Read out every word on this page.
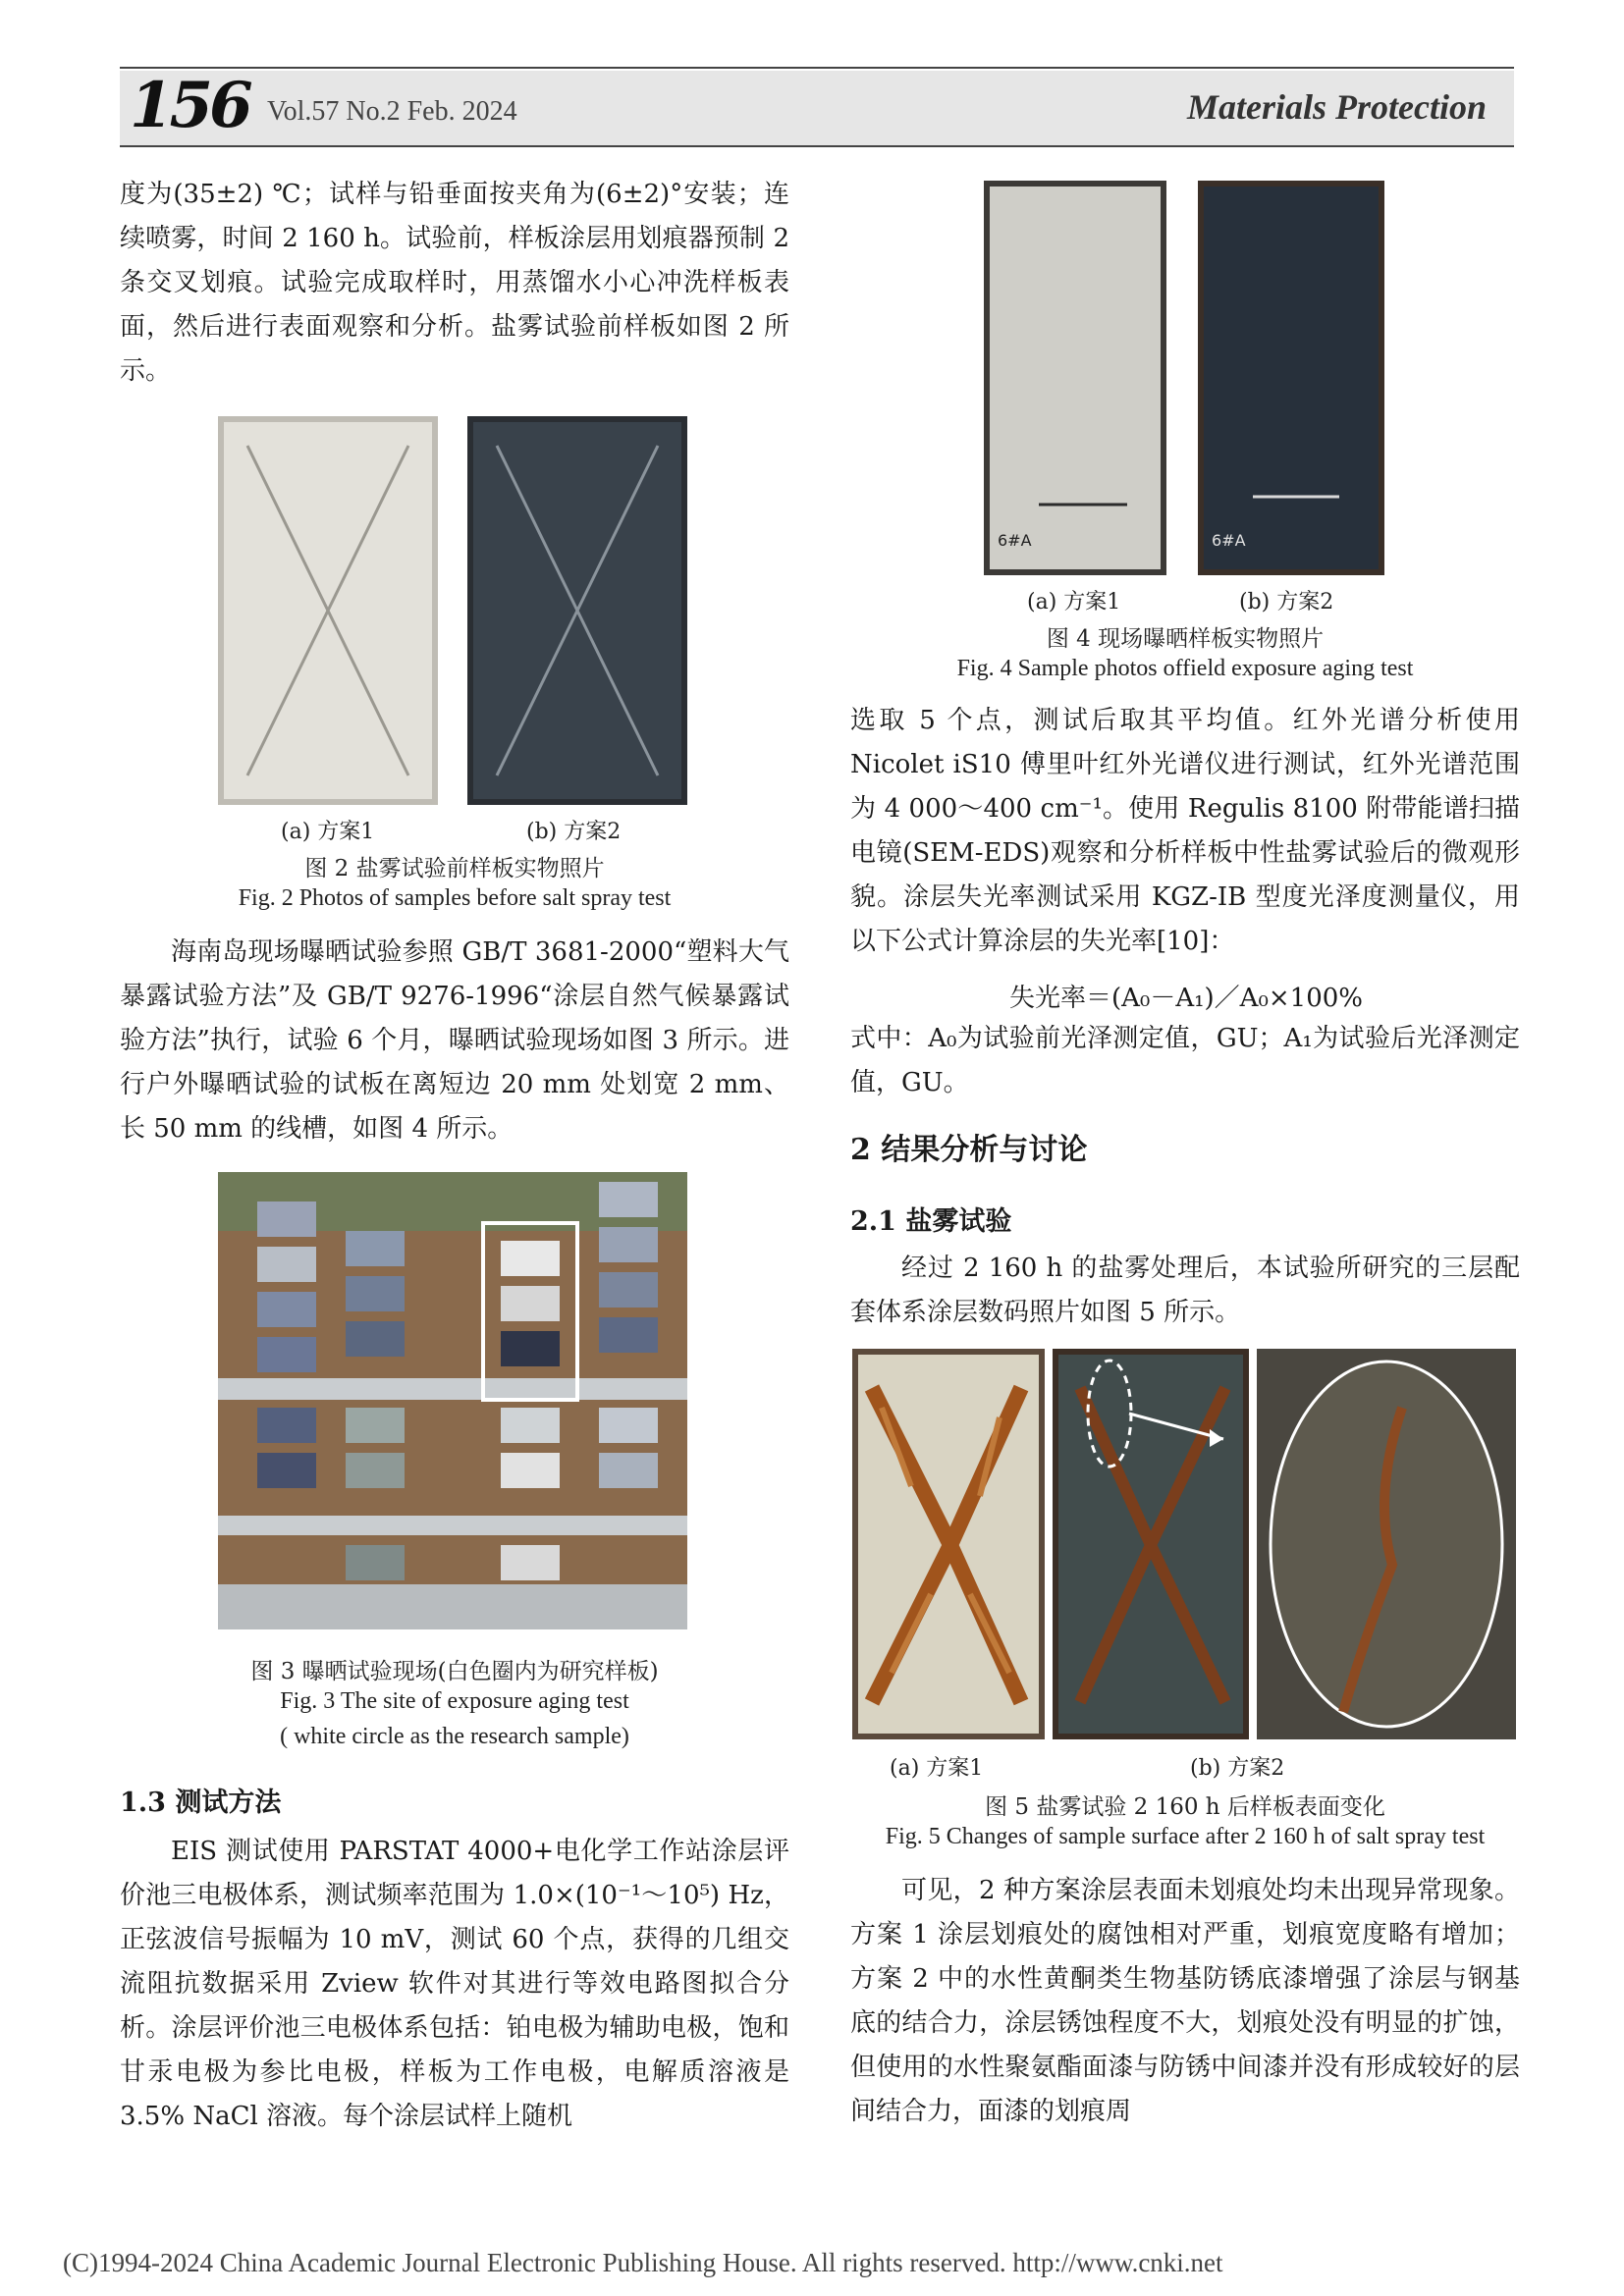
156 Vol.57 No.2 Feb. 2024	Materials Protection

度为(35±2) ℃；试样与铅垂面按夹角为(6±2)°安装；连续喷雾，时间 2 160 h。试验前，样板涂层用划痕器预制 2 条交叉划痕。试验完成取样时，用蒸馏水小心冲洗样板表面，然后进行表面观察和分析。盐雾试验前样板如图 2 所示。

(a) 方案1	(b) 方案2
图 2 盐雾试验前样板实物照片
Fig. 2 Photos of samples before salt spray test

海南岛现场曝晒试验参照 GB/T 3681-2000“塑料大气暴露试验方法”及 GB/T 9276-1996“涂层自然气候暴露试验方法”执行，试验 6 个月，曝晒试验现场如图 3 所示。进行户外曝晒试验的试板在离短边 20 mm 处划宽 2 mm、长 50 mm 的线槽，如图 4 所示。

图 3 曝晒试验现场(白色圈内为研究样板)
Fig. 3 The site of exposure aging test
( white circle as the research sample)
1.3 测试方法

EIS 测试使用 PARSTAT 4000+电化学工作站涂层评价池三电极体系，测试频率范围为 1.0×(10⁻¹～10⁵) Hz，正弦波信号振幅为 10 mV，测试 60 个点，获得的几组交流阻抗数据采用 Zview 软件对其进行等效电路图拟合分析。涂层评价池三电极体系包括：铂电极为辅助电极，饱和甘汞电极为参比电极，样板为工作电极，电解质溶液是 3.5% NaCl 溶液。每个涂层试样上随机

6#A	6#A
(a) 方案1	(b) 方案2
图 4 现场曝晒样板实物照片
Fig. 4 Sample photos offield exposure aging test

选取 5 个点，测试后取其平均值。红外光谱分析使用 Nicolet iS10 傅里叶红外光谱仪进行测试，红外光谱范围为 4 000～400 cm⁻¹。使用 Regulis 8100 附带能谱扫描电镜(SEM-EDS)观察和分析样板中性盐雾试验后的微观形貌。涂层失光率测试采用 KGZ-IB 型度光泽度测量仪，用以下公式计算涂层的失光率[10]：

失光率＝(A₀－A₁)／A₀×100%

式中：A₀为试验前光泽测定值，GU；A₁为试验后光泽测定值，GU。

2 结果分析与讨论
2.1 盐雾试验

经过 2 160 h 的盐雾处理后，本试验所研究的三层配套体系涂层数码照片如图 5 所示。

(a) 方案1	(b) 方案2
图 5 盐雾试验 2 160 h 后样板表面变化
Fig. 5 Changes of sample surface after 2 160 h of salt spray test

可见，2 种方案涂层表面未划痕处均未出现异常现象。方案 1 涂层划痕处的腐蚀相对严重，划痕宽度略有增加；方案 2 中的水性黄酮类生物基防锈底漆增强了涂层与钢基底的结合力，涂层锈蚀程度不大，划痕处没有明显的扩蚀，但使用的水性聚氨酯面漆与防锈中间漆并没有形成较好的层间结合力，面漆的划痕周

(C)1994-2024 China Academic Journal Electronic Publishing House. All rights reserved. http://www.cnki.net
